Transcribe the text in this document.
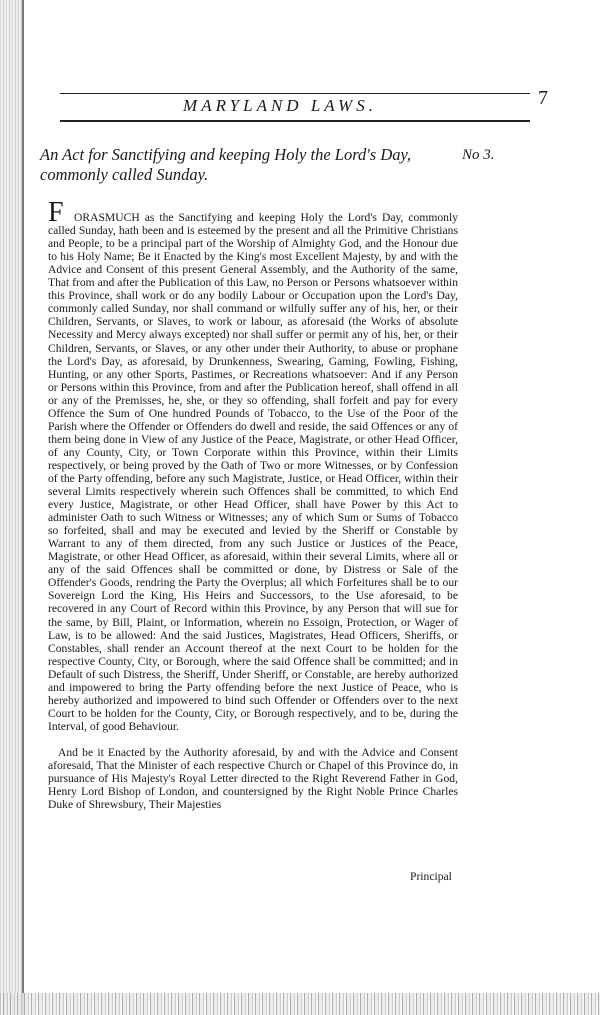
MARYLAND LAWS.	7
An Act for Sanctifying and keeping Holy the Lord's Day, commonly called Sunday.
No 3.
F ORASMUCH as the Sanctifying and keeping Holy the Lord's Day, commonly called Sunday, hath been and is esteemed by the present and all the Primitive Christians and People, to be a principal part of the Worship of Almighty God, and the Honour due to his Holy Name; Be it Enacted by the King's most Excellent Majesty, by and with the Advice and Consent of this present General Assembly, and the Authority of the same, That from and after the Publication of this Law, no Person or Persons whatsoever within this Province, shall work or do any bodily Labour or Occupation upon the Lord's Day, commonly called Sunday, nor shall command or wilfully suffer any of his, her, or their Children, Servants, or Slaves, to work or labour, as aforesaid (the Works of absolute Necessity and Mercy always excepted) nor shall suffer or permit any of his, her, or their Children, Servants, or Slaves, or any other under their Authority, to abuse or prophane the Lord's Day, as aforesaid, by Drunkenness, Swearing, Gaming, Fowling, Fishing, Hunting, or any other Sports, Pastimes, or Recreations whatsoever: And if any Person or Persons within this Province, from and after the Publication hereof, shall offend in all or any of the Premisses, he, she, or they so offending, shall forfeit and pay for every Offence the Sum of One hundred Pounds of Tobacco, to the Use of the Poor of the Parish where the Offender or Offenders do dwell and reside, the said Offences or any of them being done in View of any Justice of the Peace, Magistrate, or other Head Officer, of any County, City, or Town Corporate within this Province, within their Limits respectively, or being proved by the Oath of Two or more Witnesses, or by Confession of the Party offending, before any such Magistrate, Justice, or Head Officer, within their several Limits respectively wherein such Offences shall be committed, to which End every Justice, Magistrate, or other Head Officer, shall have Power by this Act to administer Oath to such Witness or Witnesses; any of which Sum or Sums of Tobacco so forfeited, shall and may be executed and levied by the Sheriff or Constable by Warrant to any of them directed, from any such Justice or Justices of the Peace, Magistrate, or other Head Officer, as aforesaid, within their several Limits, where all or any of the said Offences shall be committed or done, by Distress or Sale of the Offender's Goods, rendring the Party the Overplus; all which Forfeitures shall be to our Sovereign Lord the King, His Heirs and Successors, to the Use aforesaid, to be recovered in any Court of Record within this Province, by any Person that will sue for the same, by Bill, Plaint, or Information, wherein no Essoign, Protection, or Wager of Law, is to be allowed: And the said Justices, Magistrates, Head Officers, Sheriffs, or Constables, shall render an Account thereof at the next Court to be holden for the respective County, City, or Borough, where the said Offence shall be committed; and in Default of such Distress, the Sheriff, Under Sheriff, or Constable, are hereby authorized and impowered to bring the Party offending before the next Justice of Peace, who is hereby authorized and impowered to bind such Offender or Offenders over to the next Court to be holden for the County, City, or Borough respectively, and to be, during the Interval, of good Behaviour.

And be it Enacted by the Authority aforesaid, by and with the Advice and Consent aforesaid, That the Minister of each respective Church or Chapel of this Province do, in pursuance of His Majesty's Royal Letter directed to the Right Reverend Father in God, Henry Lord Bishop of London, and countersigned by the Right Noble Prince Charles Duke of Shrewsbury, Their Majesties

Principal
